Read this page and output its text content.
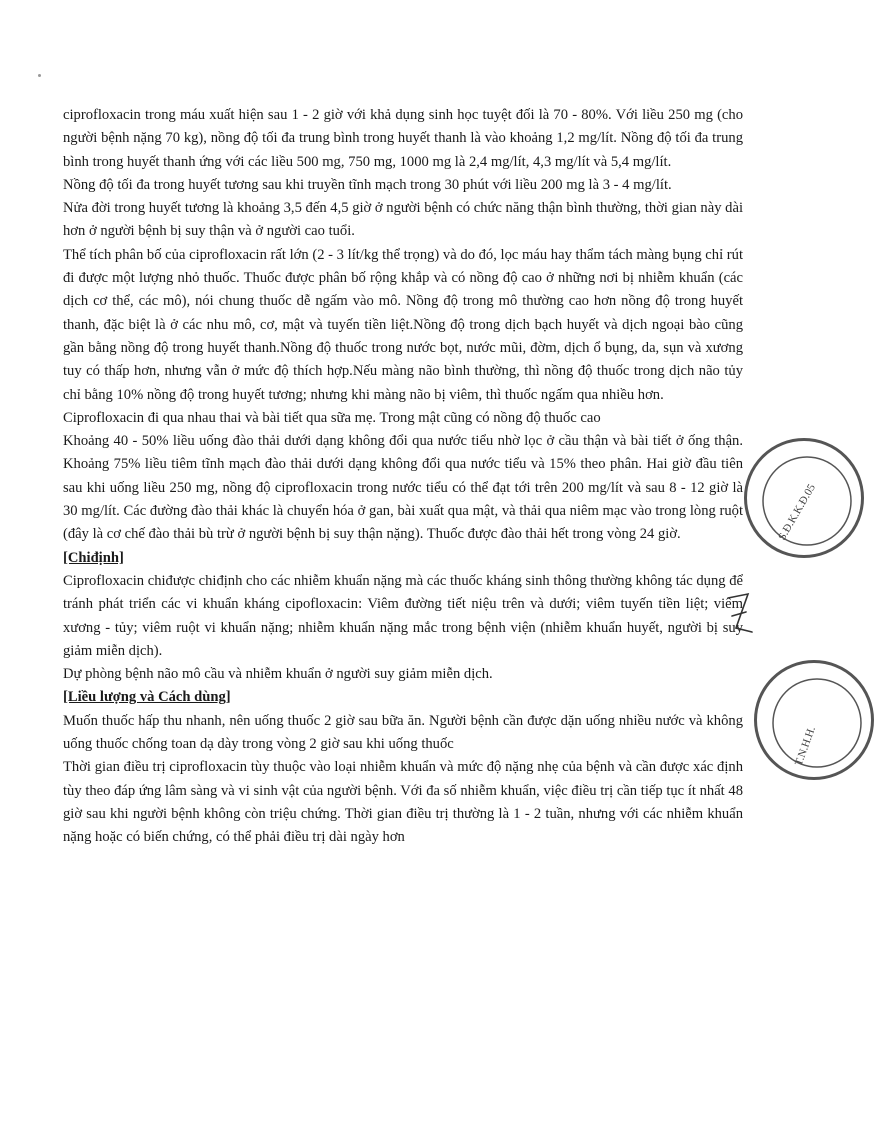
ciprofloxacin trong máu xuất hiện sau 1 - 2 giờ với khả dụng sinh học tuyệt đối là 70 - 80%. Với liều 250 mg (cho người bệnh nặng 70 kg), nồng độ tối đa trung bình trong huyết thanh là vào khoảng 1,2 mg/lít. Nồng độ tối đa trung bình trong huyết thanh ứng với các liều 500 mg, 750 mg, 1000 mg là 2,4 mg/lít, 4,3 mg/lít và 5,4 mg/lít.

Nồng độ tối đa trong huyết tương sau khi truyền tĩnh mạch trong 30 phút với liều 200 mg là 3 - 4 mg/lít.

Nửa đời trong huyết tương là khoảng 3,5 đến 4,5 giờ ở người bệnh có chức năng thận bình thường, thời gian này dài hơn ở người bệnh bị suy thận và ở người cao tuổi.

Thể tích phân bố của ciprofloxacin rất lớn (2 - 3 lít/kg thể trọng) và do đó, lọc máu hay thẩm tách màng bụng chỉ rút đi được một lượng nhỏ thuốc. Thuốc được phân bố rộng khắp và có nồng độ cao ở những nơi bị nhiễm khuẩn (các dịch cơ thể, các mô), nói chung thuốc dễ ngấm vào mô. Nồng độ trong mô thường cao hơn nồng độ trong huyết thanh, đặc biệt là ở các nhu mô, cơ, mật và tuyến tiền liệt.Nồng độ trong dịch bạch huyết và dịch ngoại bào cũng gần bằng nồng độ trong huyết thanh.Nồng độ thuốc trong nước bọt, nước mũi, đờm, dịch ổ bụng, da, sụn và xương tuy có thấp hơn, nhưng vẫn ở mức độ thích hợp.Nếu màng não bình thường, thì nồng độ thuốc trong dịch não tủy chỉ bằng 10% nồng độ trong huyết tương; nhưng khi màng não bị viêm, thì thuốc ngấm qua nhiều hơn.

Ciprofloxacin đi qua nhau thai và bài tiết qua sữa mẹ. Trong mật cũng có nồng độ thuốc cao

Khoảng 40 - 50% liều uống đào thải dưới dạng không đổi qua nước tiểu nhờ lọc ở cầu thận và bài tiết ở ống thận. Khoảng 75% liều tiêm tĩnh mạch đào thải dưới dạng không đổi qua nước tiểu và 15% theo phân. Hai giờ đầu tiên sau khi uống liều 250 mg, nồng độ ciprofloxacin trong nước tiểu có thể đạt tới trên 200 mg/lít và sau 8 - 12 giờ là 30 mg/lít. Các đường đào thải khác là chuyển hóa ở gan, bài xuất qua mật, và thải qua niêm mạc vào trong lòng ruột (đây là cơ chế đào thải bù trừ ở người bệnh bị suy thận nặng). Thuốc được đào thải hết trong vòng 24 giờ.

[Chiđịnh]

Ciprofloxacin chiđược chiđịnh cho các nhiễm khuẩn nặng mà các thuốc kháng sinh thông thường không tác dụng để tránh phát triển các vi khuẩn kháng cipofloxacin: Viêm đường tiết niệu trên và dưới; viêm tuyến tiền liệt; viêm xương - tủy; viêm ruột vi khuẩn nặng; nhiễm khuẩn nặng mắc trong bệnh viện (nhiễm khuẩn huyết, người bị suy giảm miễn dịch).

Dự phòng bệnh não mô cầu và nhiễm khuẩn ở người suy giảm miễn dịch.

[Liều lượng và Cách dùng]

Muốn thuốc hấp thu nhanh, nên uống thuốc 2 giờ sau bữa ăn. Người bệnh cần được dặn uống nhiều nước và không uống thuốc chống toan dạ dày trong vòng 2 giờ sau khi uống thuốc

Thời gian điều trị ciprofloxacin tùy thuộc vào loại nhiễm khuẩn và mức độ nặng nhẹ của bệnh và cần được xác định tùy theo đáp ứng lâm sàng và vi sinh vật của người bệnh. Với đa số nhiễm khuẩn, việc điều trị cần tiếp tục ít nhất 48 giờ sau khi người bệnh không còn triệu chứng. Thời gian điều trị thường là 1 - 2 tuần, nhưng với các nhiễm khuẩn nặng hoặc có biến chứng, có thể phải điều trị dài ngày hơn

S.Đ.K.K.Đ.05
T.N.H.H.
